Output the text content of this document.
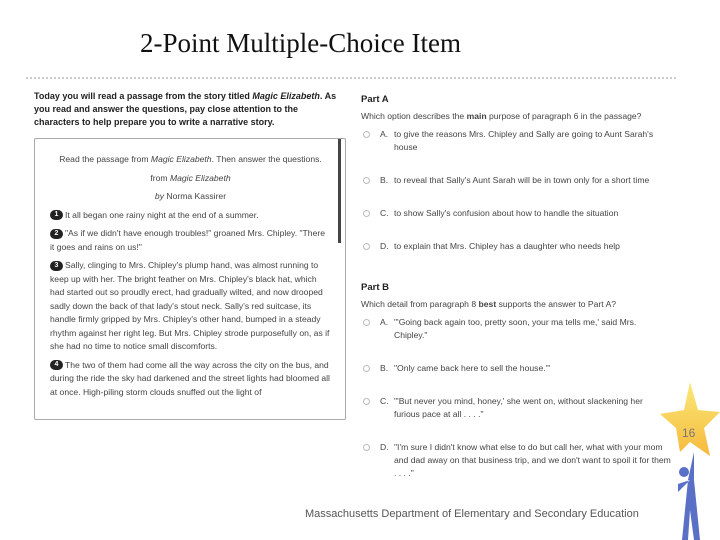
2-Point Multiple-Choice Item
Today you will read a passage from the story titled Magic Elizabeth. As you read and answer the questions, pay close attention to the characters to help prepare you to write a narrative story.

Read the passage from Magic Elizabeth. Then answer the questions.

from Magic Elizabeth

by Norma Kassirer

1 It all began one rainy night at the end of a summer.

2 "As if we didn't have enough troubles!" groaned Mrs. Chipley. "There it goes and rains on us!"

3 Sally, clinging to Mrs. Chipley's plump hand, was almost running to keep up with her. The bright feather on Mrs. Chipley's black hat, which had started out so proudly erect, had gradually wilted, and now drooped sadly down the back of that lady's stout neck. Sally's red suitcase, its handle firmly gripped by Mrs. Chipley's other hand, bumped in a steady rhythm against her right leg. But Mrs. Chipley strode purposefully on, as if she had no time to notice small discomforts.

4 The two of them had come all the way across the city on the bus, and during the ride the sky had darkened and the street lights had bloomed all at once. High-piling storm clouds snuffed out the light of

Part A
Which option describes the main purpose of paragraph 6 in the passage?
A. to give the reasons Mrs. Chipley and Sally are going to Aunt Sarah's house
B. to reveal that Sally's Aunt Sarah will be in town only for a short time
C. to show Sally's confusion about how to handle the situation
D. to explain that Mrs. Chipley has a daughter who needs help
Part B
Which detail from paragraph 8 best supports the answer to Part A?
A. "'Going back again too, pretty soon, your ma tells me,' said Mrs. Chipley."
B. "Only came back here to sell the house.'"
C. "'But never you mind, honey,' she went on, without slackening her furious pace at all . . . ."
D. "I'm sure I didn't know what else to do but call her, what with your mom and dad away on that business trip, and we don't want to spoil it for them . . . ."
16
Massachusetts Department of Elementary and Secondary Education
